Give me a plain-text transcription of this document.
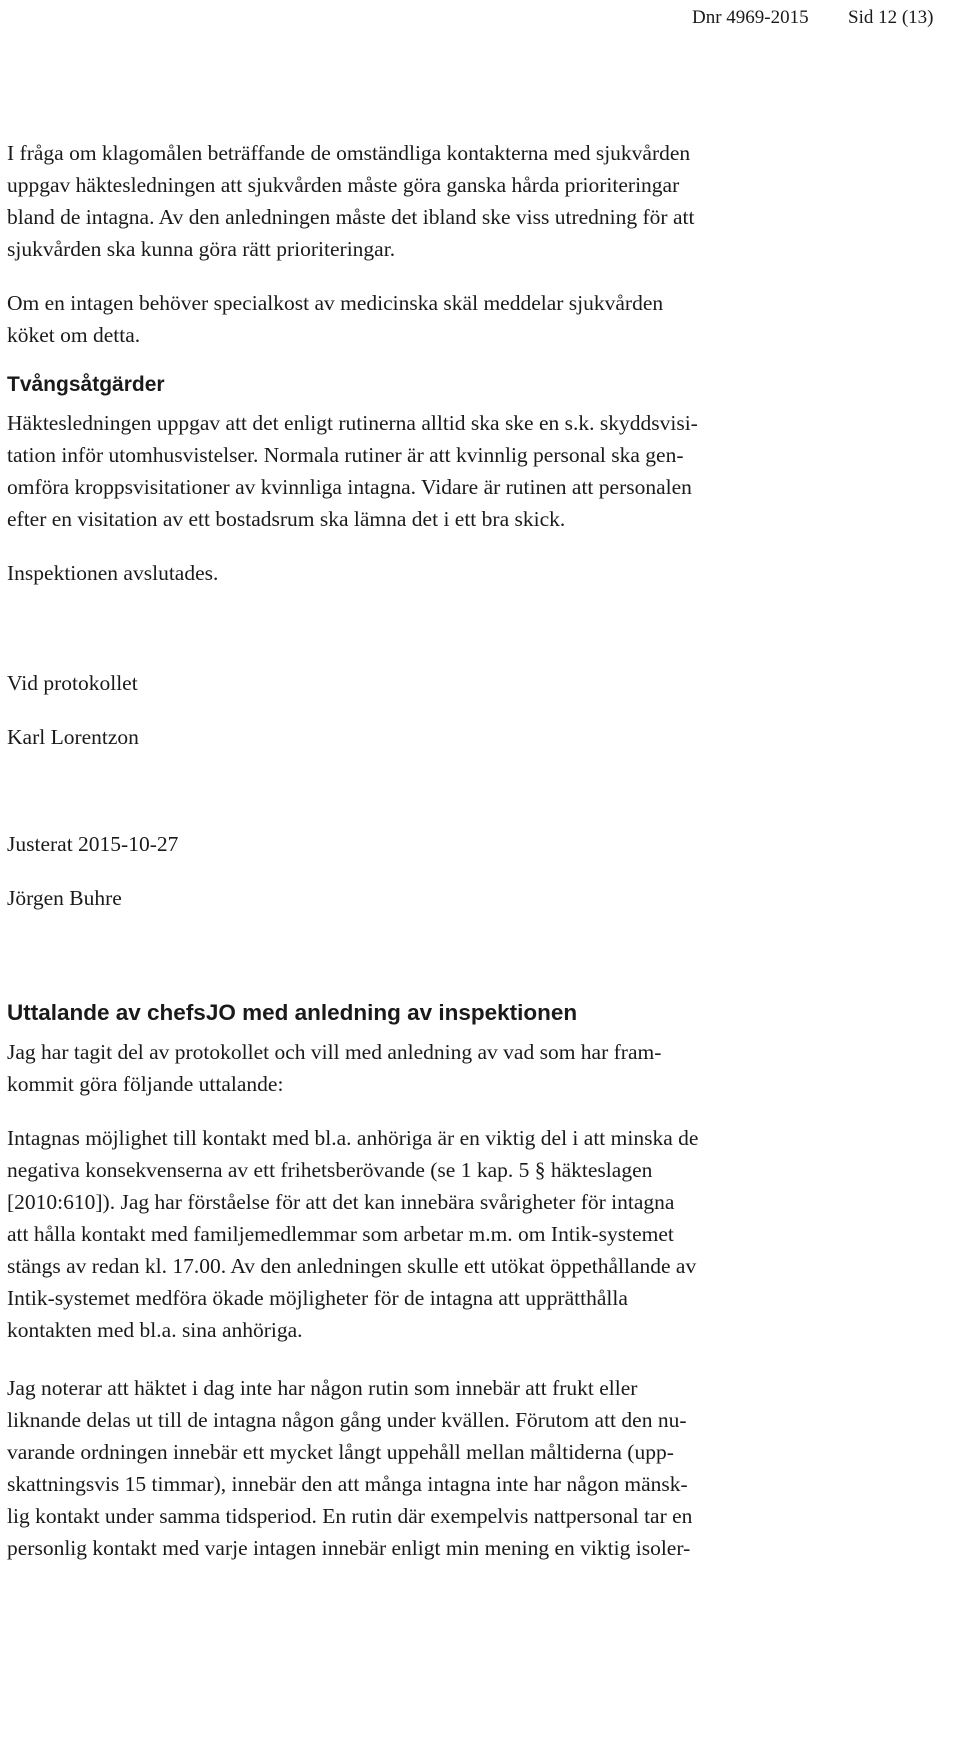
Dnr 4969-2015 Sid 12 (13)

I fråga om klagomålen beträffande de omständliga kontakterna med sjukvården
uppgav häktesledningen att sjukvården måste göra ganska hårda prioriteringar
bland de intagna. Av den anledningen måste det ibland ske viss utredning för att
sjukvården ska kunna göra rätt prioriteringar.

Om en intagen behöver specialkost av medicinska skäl meddelar sjukvården
köket om detta.

Tvångsåtgärder

Häktesledningen uppgav att det enligt rutinerna alltid ska ske en s.k. skyddsvisi-
tation inför utomhusvistelser. Normala rutiner är att kvinnlig personal ska gen-
omföra kroppsvisitationer av kvinnliga intagna. Vidare är rutinen att personalen
efter en visitation av ett bostadsrum ska lämna det i ett bra skick.

Inspektionen avslutades.

Vid protokollet

Karl Lorentzon

Justerat 2015-10-27

Jörgen Buhre

Uttalande av chefsJO med anledning av inspektionen

Jag har tagit del av protokollet och vill med anledning av vad som har fram-
kommit göra följande uttalande:

Intagnas möjlighet till kontakt med bl.a. anhöriga är en viktig del i att minska de
negativa konsekvenserna av ett frihetsberövande (se 1 kap. 5 § häkteslagen
[2010:610]). Jag har förståelse för att det kan innebära svårigheter för intagna
att hålla kontakt med familjemedlemmar som arbetar m.m. om Intik-systemet
stängs av redan kl. 17.00. Av den anledningen skulle ett utökat öppethållande av
Intik-systemet medföra ökade möjligheter för de intagna att upprätthålla
kontakten med bl.a. sina anhöriga.

Jag noterar att häktet i dag inte har någon rutin som innebär att frukt eller
liknande delas ut till de intagna någon gång under kvällen. Förutom att den nu-
varande ordningen innebär ett mycket långt uppehåll mellan måltiderna (upp-
skattningsvis 15 timmar), innebär den att många intagna inte har någon mänsk-
lig kontakt under samma tidsperiod. En rutin där exempelvis nattpersonal tar en
personlig kontakt med varje intagen innebär enligt min mening en viktig isoler-
